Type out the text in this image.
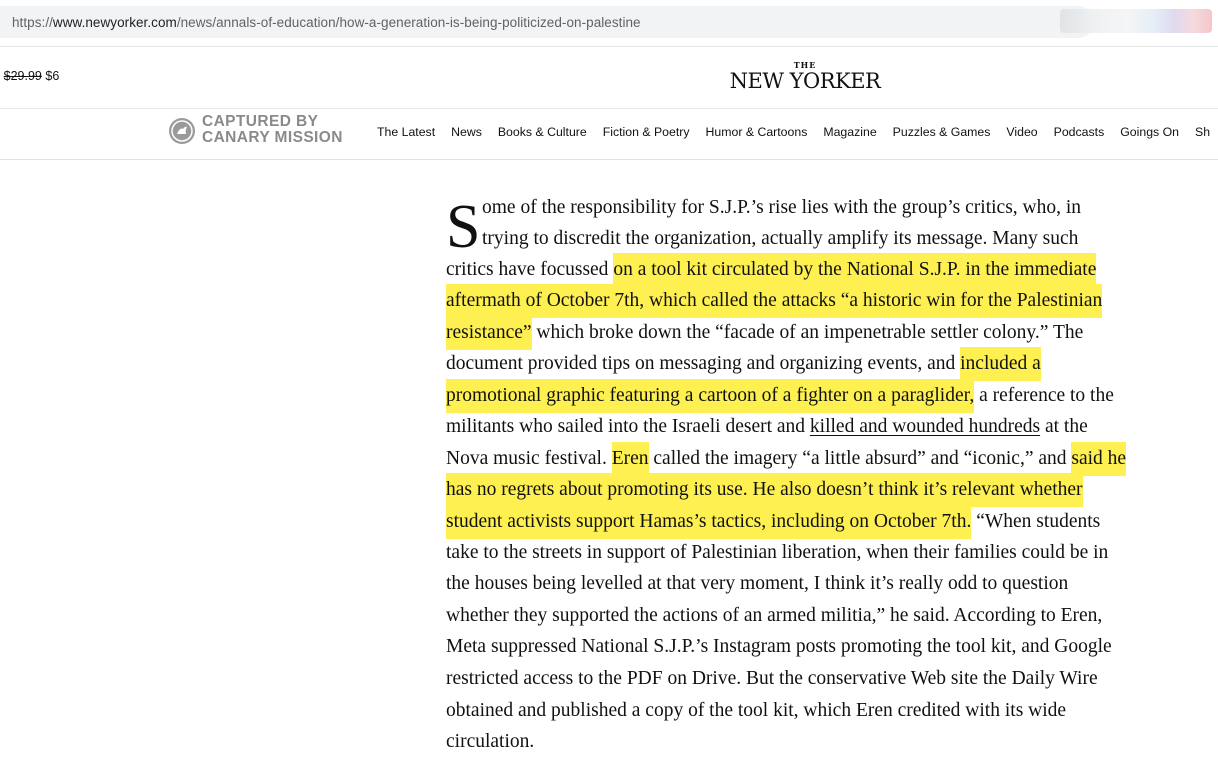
https://www.newyorker.com/news/annals-of-education/how-a-generation-is-being-politicized-on-palestine
$29.99 $6
THE
NEW YORKER
CAPTURED BY
CANARY MISSION	The Latest News Books & Culture Fiction & Poetry Humor & Cartoons Magazine Puzzles & Games Video Podcasts Goings On Sh
S ome of the responsibility for S.J.P.’s rise lies with the group’s critics, who, in
trying to discredit the organization, actually amplify its message. Many such
critics have focussed on a tool kit circulated by the National S.J.P. in the immediate
aftermath of October 7th, which called the attacks “a historic win for the Palestinian
resistance” which broke down the “facade of an impenetrable settler colony.” The
document provided tips on messaging and organizing events, and included a
promotional graphic featuring a cartoon of a fighter on a paraglider, a reference to the
militants who sailed into the Israeli desert and killed and wounded hundreds at the
Nova music festival. Eren called the imagery “a little absurd” and “iconic,” and said he
has no regrets about promoting its use. He also doesn’t think it’s relevant whether
student activists support Hamas’s tactics, including on October 7th. “When students
take to the streets in support of Palestinian liberation, when their families could be in
the houses being levelled at that very moment, I think it’s really odd to question
whether they supported the actions of an armed militia,” he said. According to Eren,
Meta suppressed National S.J.P.’s Instagram posts promoting the tool kit, and Google
restricted access to the PDF on Drive. But the conservative Web site the Daily Wire
obtained and published a copy of the tool kit, which Eren credited with its wide
circulation.
